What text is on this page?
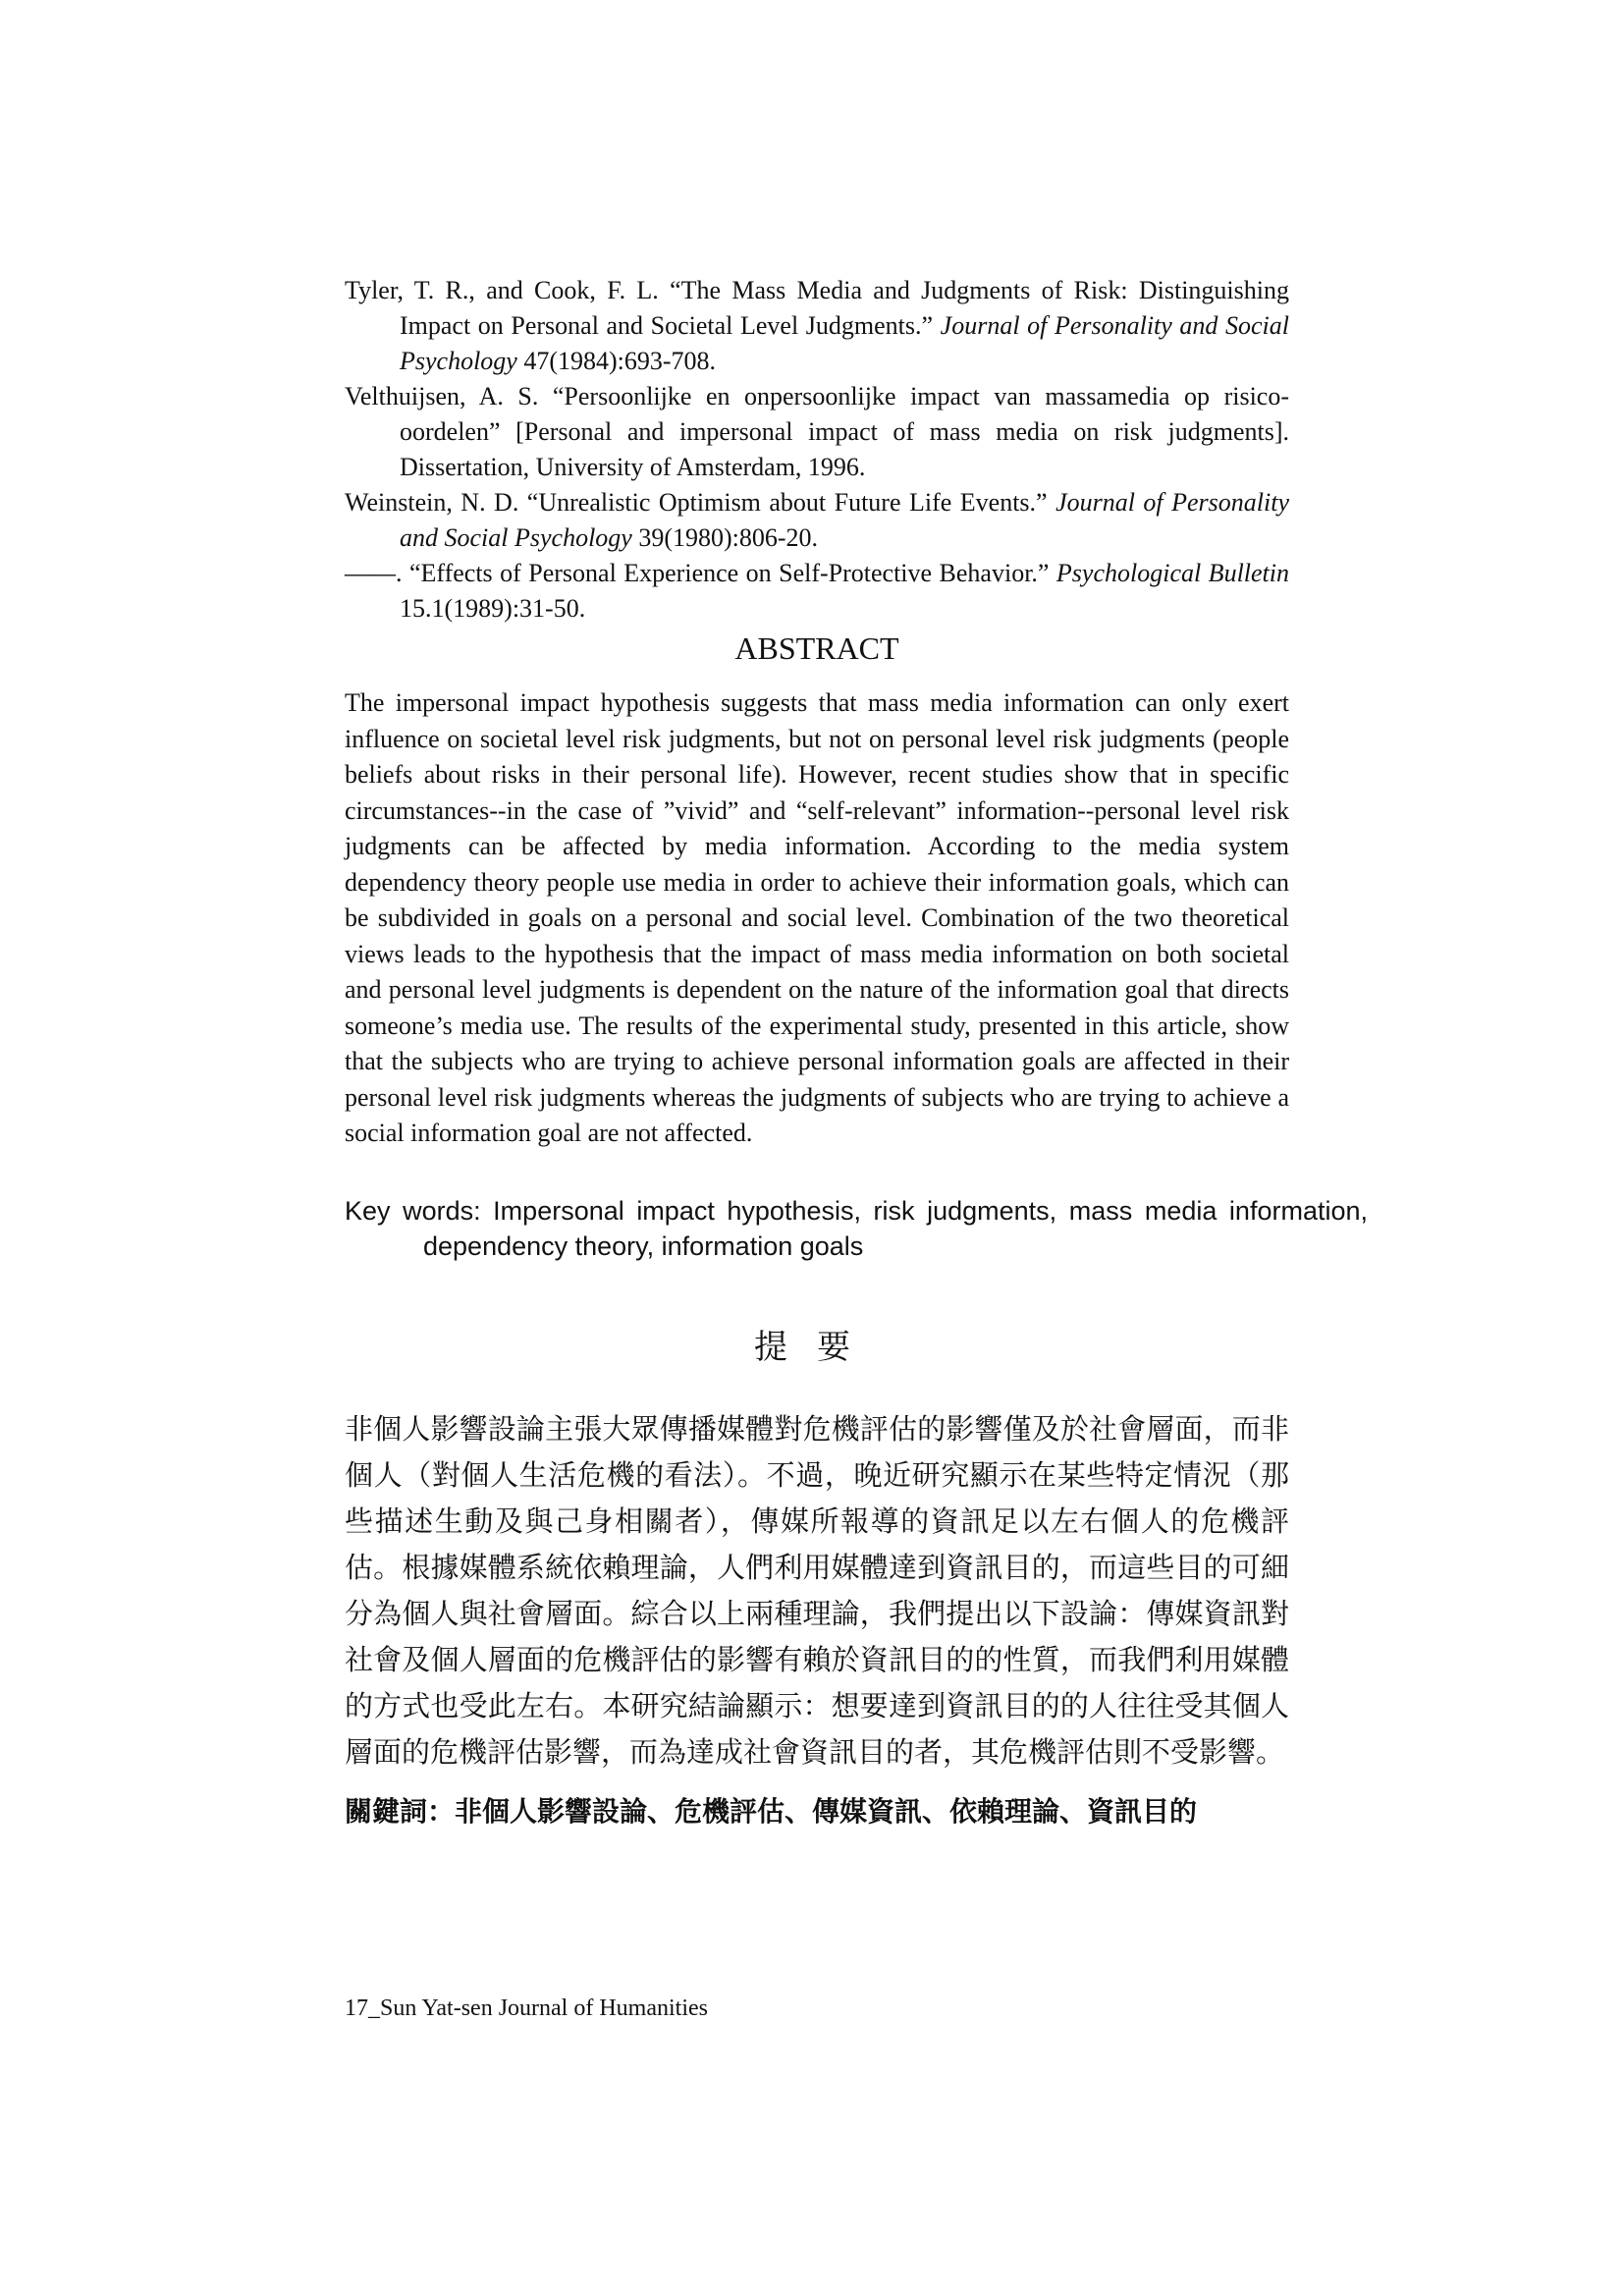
Tyler, T. R., and Cook, F. L. “The Mass Media and Judgments of Risk: Distinguishing Impact on Personal and Societal Level Judgments.” Journal of Personality and Social Psychology 47(1984):693-708.

Velthuijsen, A. S. “Persoonlijke en onpersoonlijke impact van massamedia op risico-oordelen” [Personal and impersonal impact of mass media on risk judgments]. Dissertation, University of Amsterdam, 1996.

Weinstein, N. D. “Unrealistic Optimism about Future Life Events.” Journal of Personality and Social Psychology 39(1980):806-20.

——. “Effects of Personal Experience on Self-Protective Behavior.” Psychological Bulletin 15.1(1989):31-50.

ABSTRACT

The impersonal impact hypothesis suggests that mass media information can only exert influence on societal level risk judgments, but not on personal level risk judgments (people beliefs about risks in their personal life). However, recent studies show that in specific circumstances--in the case of ”vivid” and “self-relevant” information--personal level risk judgments can be affected by media information. According to the media system dependency theory people use media in order to achieve their information goals, which can be subdivided in goals on a personal and social level. Combination of the two theoretical views leads to the hypothesis that the impact of mass media information on both societal and personal level judgments is dependent on the nature of the information goal that directs someone’s media use. The results of the experimental study, presented in this article, show that the subjects who are trying to achieve personal information goals are affected in their personal level risk judgments whereas the judgments of subjects who are trying to achieve a social information goal are not affected.

Key words: Impersonal impact hypothesis, risk judgments, mass media information, dependency theory, information goals
提要

非個人影響設論主張大眾傳播媒體對危機評估的影響僅及於社會層面，而非個人（對個人生活危機的看法）。不過，晚近研究顯示在某些特定情況（那些描述生動及與己身相關者），傳媒所報導的資訊足以左右個人的危機評估。根據媒體系統依賴理論，人們利用媒體達到資訊目的，而這些目的可細分為個人與社會層面。綜合以上兩種理論，我們提出以下設論：傳媒資訊對社會及個人層面的危機評估的影響有賴於資訊目的的性質，而我們利用媒體的方式也受此左右。本研究結論顯示：想要達到資訊目的的人往往受其個人層面的危機評估影響，而為達成社會資訊目的者，其危機評估則不受影響。

關鍵詞：非個人影響設論、危機評估、傳媒資訊、依賴理論、資訊目的
17_Sun Yat-sen Journal of Humanities
